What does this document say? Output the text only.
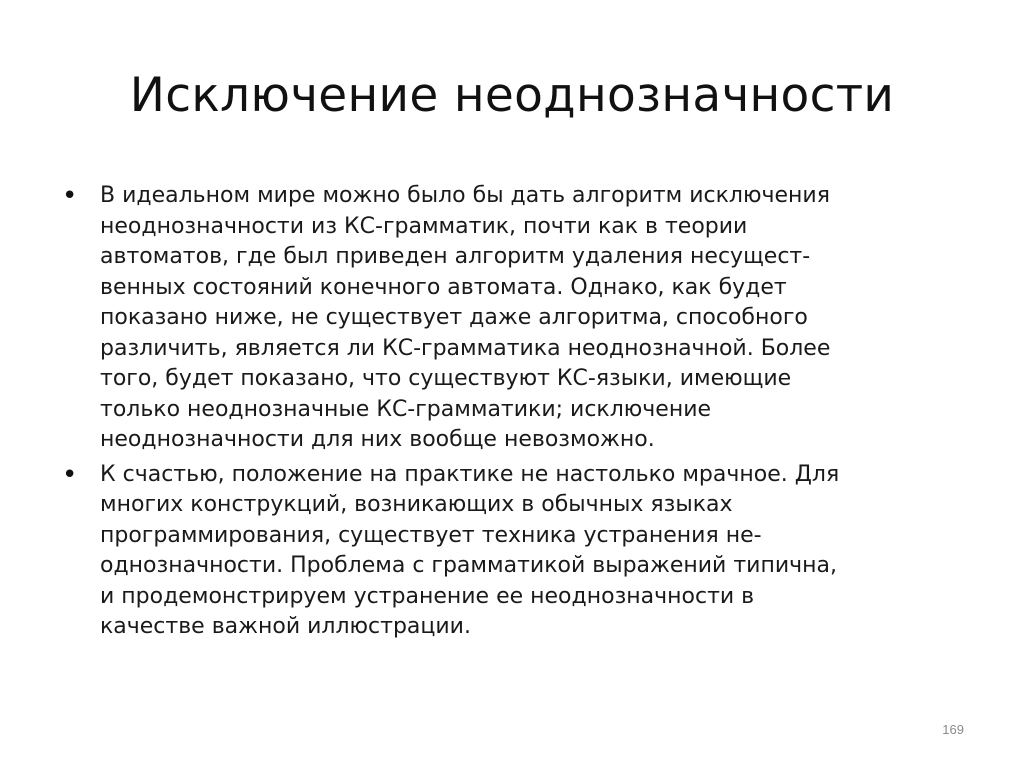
Исключение неоднозначности
• В идеальном мире можно было бы дать алгоритм исключения
неоднозначности из КС-грамматик, почти как в теории
автоматов, где был приведен алгоритм удаления несущест-
венных состояний конечного автомата. Однако, как будет
показано ниже, не существует даже алгоритма, способного
различить, является ли КС-грамматика неоднозначной. Более
того, будет показано, что существуют КС-языки, имеющие
только неоднозначные КС-грамматики; исключение
неоднозначности для них вообще невозможно.
• К счастью, положение на практике не настолько мрачное. Для
многих конструкций, возникающих в обычных языках
программирования, существует техника устранения не-
однозначности. Проблема с грамматикой выражений типична,
и продемонстрируем устранение ее неоднозначности в
качестве важной иллюстрации.
169
